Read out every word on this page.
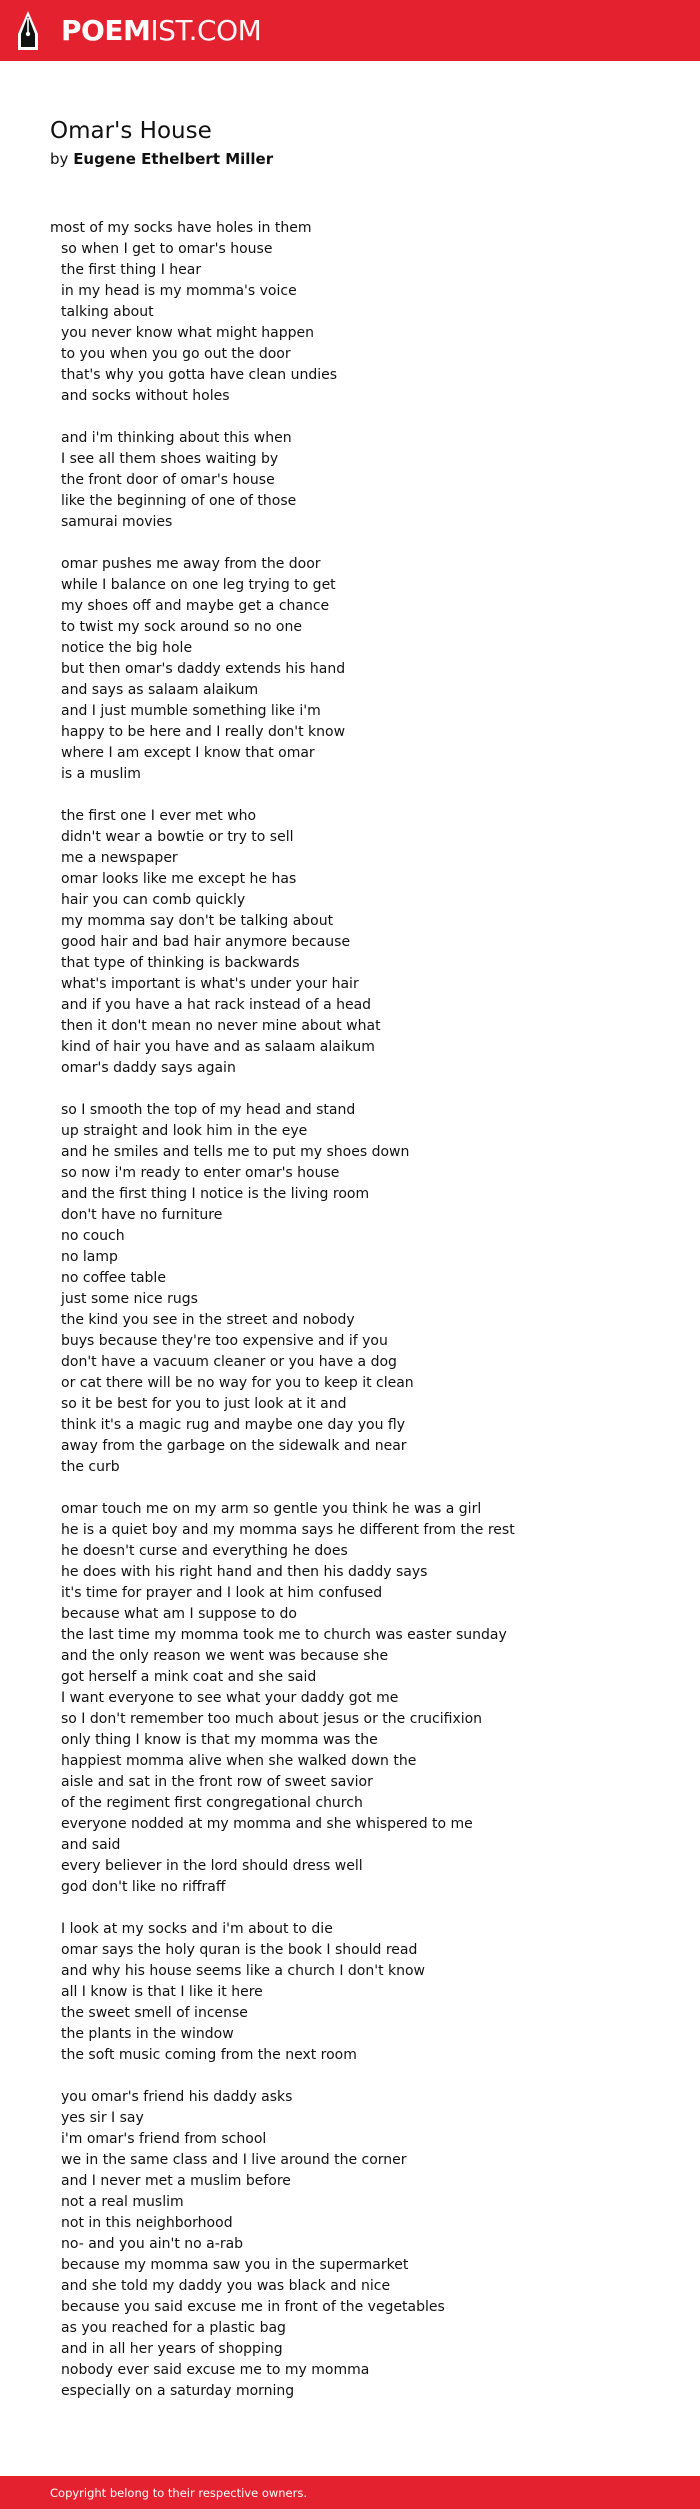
POEMIST.COM
Omar's House
by Eugene Ethelbert Miller
most of my socks have holes in them
so when I get to omar's house
the first thing I hear
in my head is my momma's voice
talking about
you never know what might happen
to you when you go out the door
that's why you gotta have clean undies
and socks without holes
and i'm thinking about this when
I see all them shoes waiting by
the front door of omar's house
like the beginning of one of those
samurai movies
omar pushes me away from the door
while I balance on one leg trying to get
my shoes off and maybe get a chance
to twist my sock around so no one
notice the big hole
but then omar's daddy extends his hand
and says as salaam alaikum
and I just mumble something like i'm
happy to be here and I really don't know
where I am except I know that omar
is a muslim
the first one I ever met who
didn't wear a bowtie or try to sell
me a newspaper
omar looks like me except he has
hair you can comb quickly
my momma say don't be talking about
good hair and bad hair anymore because
that type of thinking is backwards
what's important is what's under your hair
and if you have a hat rack instead of a head
then it don't mean no never mine about what
kind of hair you have and as salaam alaikum
omar's daddy says again
so I smooth the top of my head and stand
up straight and look him in the eye
and he smiles and tells me to put my shoes down
so now i'm ready to enter omar's house
and the first thing I notice is the living room
don't have no furniture
no couch
no lamp
no coffee table
just some nice rugs
the kind you see in the street and nobody
buys because they're too expensive and if you
don't have a vacuum cleaner or you have a dog
or cat there will be no way for you to keep it clean
so it be best for you to just look at it and
think it's a magic rug and maybe one day you fly
away from the garbage on the sidewalk and near
the curb
omar touch me on my arm so gentle you think he was a girl
he is a quiet boy and my momma says he different from the rest
he doesn't curse and everything he does
he does with his right hand and then his daddy says
it's time for prayer and I look at him confused
because what am I suppose to do
the last time my momma took me to church was easter sunday
and the only reason we went was because she
got herself a mink coat and she said
I want everyone to see what your daddy got me
so I don't remember too much about jesus or the crucifixion
only thing I know is that my momma was the
happiest momma alive when she walked down the
aisle and sat in the front row of sweet savior
of the regiment first congregational church
everyone nodded at my momma and she whispered to me
and said
every believer in the lord should dress well
god don't like no riffraff
I look at my socks and i'm about to die
omar says the holy quran is the book I should read
and why his house seems like a church I don't know
all I know is that I like it here
the sweet smell of incense
the plants in the window
the soft music coming from the next room
you omar's friend his daddy asks
yes sir I say
i'm omar's friend from school
we in the same class and I live around the corner
and I never met a muslim before
not a real muslim
not in this neighborhood
no- and you ain't no a-rab
because my momma saw you in the supermarket
and she told my daddy you was black and nice
because you said excuse me in front of the vegetables
as you reached for a plastic bag
and in all her years of shopping
nobody ever said excuse me to my momma
especially on a saturday morning
Copyright belong to their respective owners.
